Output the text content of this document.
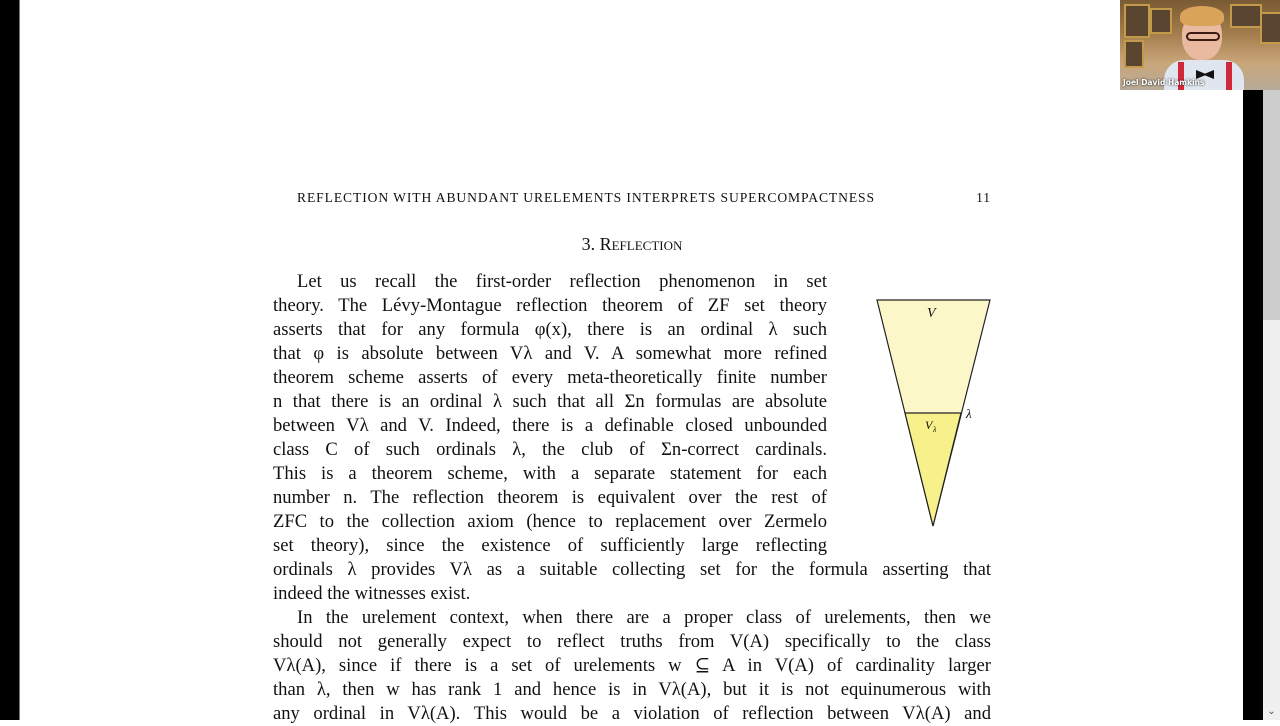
REFLECTION WITH ABUNDANT URELEMENTS INTERPRETS SUPERCOMPACTNESS	11
3. Reflection
Let us recall the first-order reflection phenomenon in set
theory. The Lévy-Montague reflection theorem of ZF set theory
asserts that for any formula φ(x), there is an ordinal λ such
that φ is absolute between Vλ and V. A somewhat more refined
theorem scheme asserts of every meta-theoretically finite number
n that there is an ordinal λ such that all Σn formulas are absolute
between Vλ and V. Indeed, there is a definable closed unbounded
class C of such ordinals λ, the club of Σn-correct cardinals.
This is a theorem scheme, with a separate statement for each
number n. The reflection theorem is equivalent over the rest of
ZFC to the collection axiom (hence to replacement over Zermelo
set theory), since the existence of sufficiently large reflecting
ordinals λ provides Vλ as a suitable collecting set for the formula asserting that
indeed the witnesses exist.
In the urelement context, when there are a proper class of urelements, then we
should not generally expect to reflect truths from V(A) specifically to the class
Vλ(A), since if there is a set of urelements w ⊆ A in V(A) of cardinality larger
than λ, then w has rank 1 and hence is in Vλ(A), but it is not equinumerous with
any ordinal in Vλ(A). This would be a violation of reflection between Vλ(A) and
V
V λ
λ
⌄
Joel David Hamkins
